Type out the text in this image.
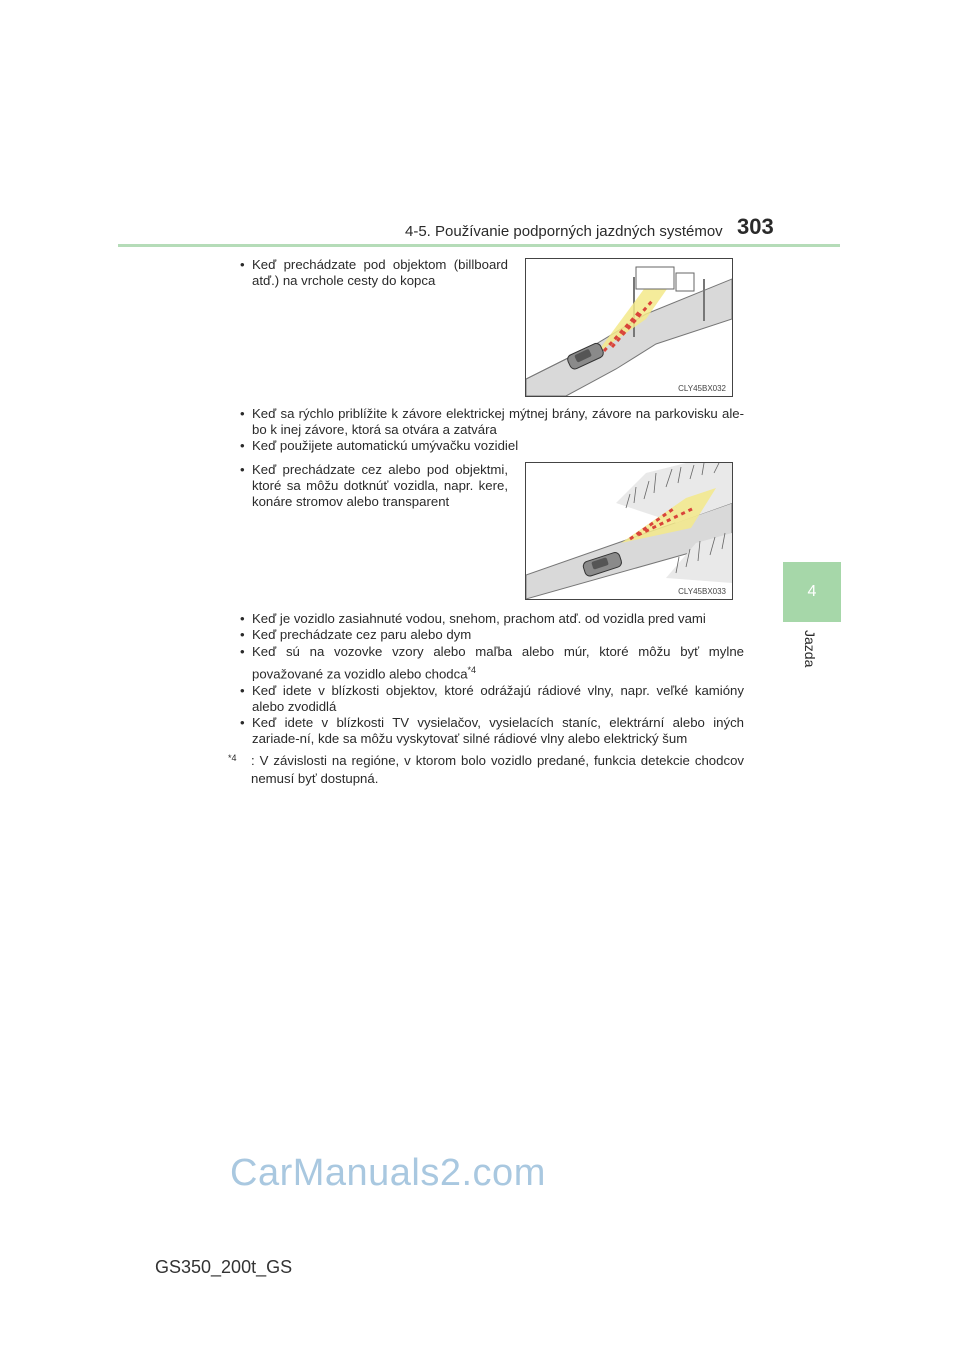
4-5. Používanie podporných jazdných systémov 303
4
Jazda
• Keď prechádzate pod objektom (billboard atď.) na vrchole cesty do kopca
CLY45BX032
• Keď sa rýchlo priblížite k závore elektrickej mýtnej brány, závore na parkovisku ale-bo k inej závore, ktorá sa otvára a zatvára
• Keď použijete automatickú umývačku vozidiel
• Keď prechádzate cez alebo pod objektmi, ktoré sa môžu dotknúť vozidla, napr. kere, konáre stromov alebo transparent
CLY45BX033
• Keď je vozidlo zasiahnuté vodou, snehom, prachom atď. od vozidla pred vami
• Keď prechádzate cez paru alebo dym
• Keď sú na vozovke vzory alebo maľba alebo múr, ktoré môžu byť mylne považované za vozidlo alebo chodca$^{*4}$
• Keď idete v blízkosti objektov, ktoré odrážajú rádiové vlny, napr. veľké kamióny alebo zvodidlá
• Keď idete v blízkosti TV vysielačov, vysielacích staníc, elektrární alebo iných zariade-ní, kde sa môžu vyskytovať silné rádiové vlny alebo elektrický šum
*4	: V závislosti na regióne, v ktorom bolo vozidlo predané, funkcia detekcie chodcov nemusí byť dostupná.
CarManuals2.com
GS350_200t_GS
